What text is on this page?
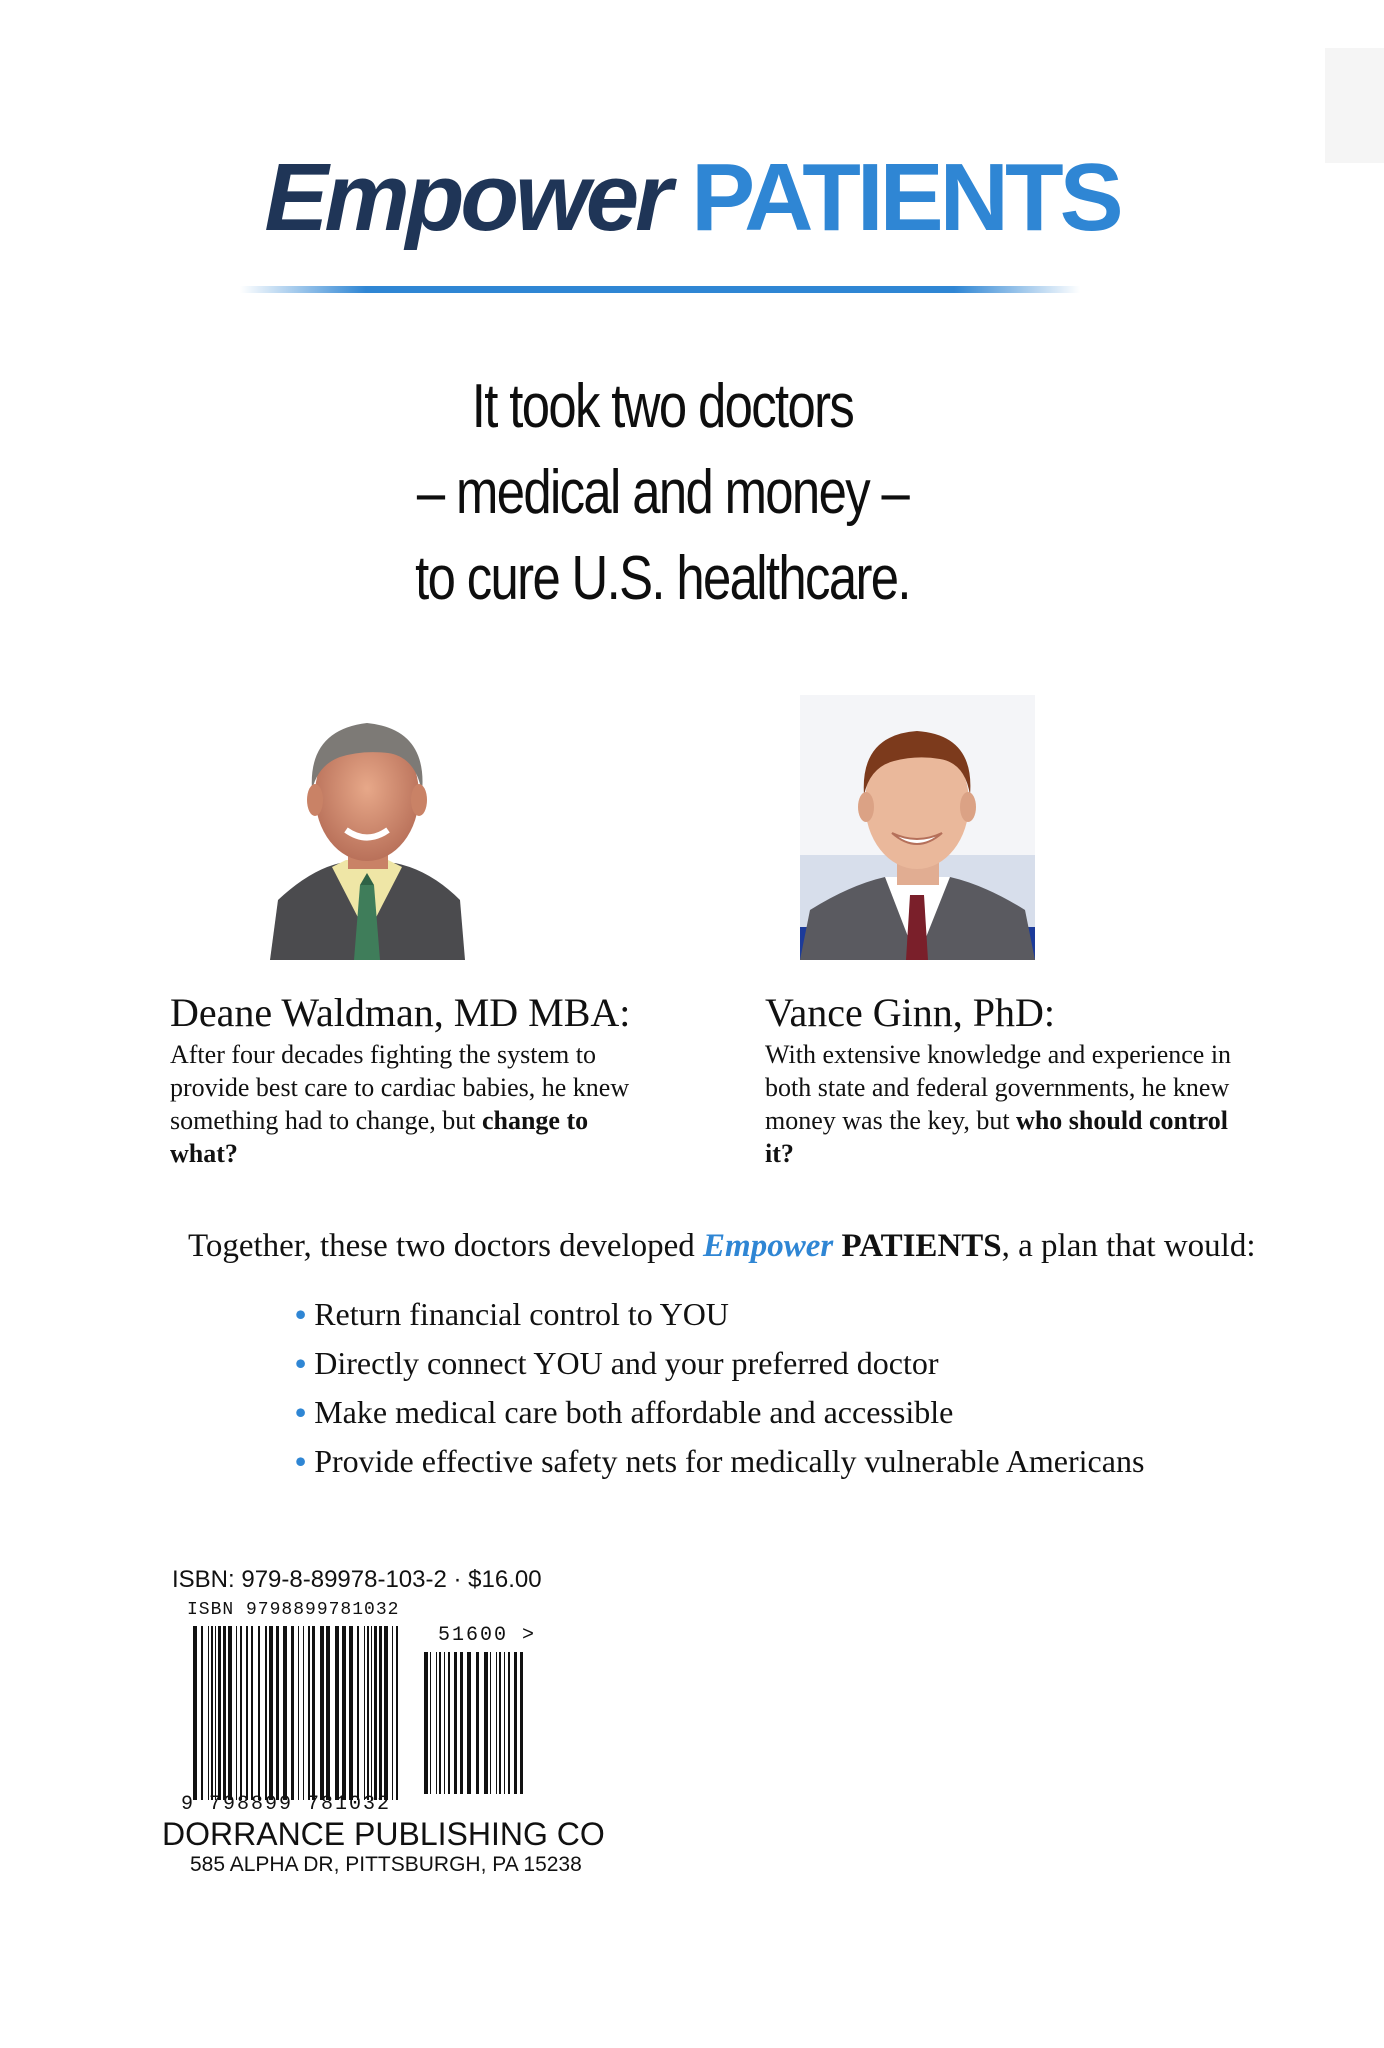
Empower PATIENTS
It took two doctors
– medical and money –
to cure U.S. healthcare.
Deane Waldman, MD MBA:
After four decades fighting the system to provide best care to cardiac babies, he knew something had to change, but change to what?
Vance Ginn, PhD:
With extensive knowledge and experience in both state and federal governments, he knew money was the key, but who should control it?
Together, these two doctors developed Empower PATIENTS, a plan that would:
• Return financial control to YOU
• Directly connect YOU and your preferred doctor
• Make medical care both affordable and accessible
• Provide effective safety nets for medically vulnerable Americans
ISBN: 979-8-89978-103-2 · $16.00
ISBN 9798899781032
51600 >
9 798899 781032
DORRANCE PUBLISHING CO
585 ALPHA DR, PITTSBURGH, PA 15238
